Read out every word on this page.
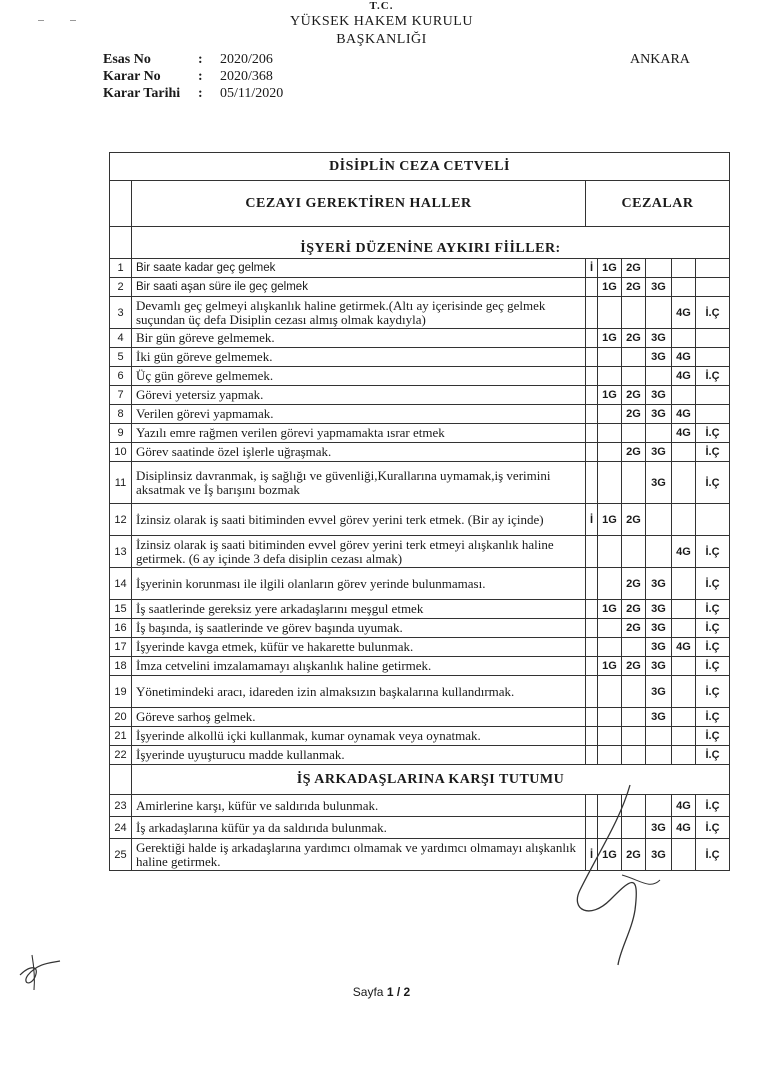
T.C.
YÜKSEK HAKEM KURULU
BAŞKANLIĞI
Esas No	: 2020/206
Karar No	: 2020/368
Karar Tarihi : 05/11/2020
ANKARA
DİSİPLİN CEZA CETVELİ							
	CEZAYI GEREKTİREN HALLER	CEZALAR					
	İŞYERİ DÜZENİNE AYKIRI FİİLLER:						
1	Bir saate kadar geç gelmek	İ	1G	2G			
2	Bir saati aşan süre ile geç gelmek		1G	2G	3G		
3	Devamlı geç gelmeyi alışkanlık haline getirmek.(Altı ay içerisinde geç gelmek suçundan üç defa Disiplin cezası almış olmak kaydıyla)					4G	İ.Ç
4	Bir gün göreve gelmemek.		1G	2G	3G		
5	İki gün göreve gelmemek.				3G	4G	
6	Üç gün göreve gelmemek.					4G	İ.Ç
7	Görevi yetersiz yapmak.		1G	2G	3G		
8	Verilen görevi yapmamak.			2G	3G	4G	
9	Yazılı emre rağmen verilen görevi yapmamakta ısrar etmek					4G	İ.Ç
10	Görev saatinde özel işlerle uğraşmak.			2G	3G		İ.Ç
11	Disiplinsiz davranmak, iş sağlığı ve güvenliği,Kurallarına uymamak,iş verimini aksatmak ve İş barışını bozmak				3G		İ.Ç
12	İzinsiz olarak iş saati bitiminden evvel görev yerini terk etmek. (Bir ay içinde)	İ	1G	2G			
13	İzinsiz olarak iş saati bitiminden evvel görev yerini terk etmeyi alışkanlık haline getirmek. (6 ay içinde 3 defa disiplin cezası almak)					4G	İ.Ç
14	İşyerinin korunması ile ilgili olanların görev yerinde bulunmaması.			2G	3G		İ.Ç
15	İş saatlerinde gereksiz yere arkadaşlarını meşgul etmek		1G	2G	3G		İ.Ç
16	İş başında, iş saatlerinde ve görev başında uyumak.			2G	3G		İ.Ç
17	İşyerinde kavga etmek, küfür ve hakarette bulunmak.				3G	4G	İ.Ç
18	İmza cetvelini imzalamamayı alışkanlık haline getirmek.		1G	2G	3G		İ.Ç
19	Yönetimindeki aracı, idareden izin almaksızın başkalarına kullandırmak.				3G		İ.Ç
20	Göreve sarhoş gelmek.				3G		İ.Ç
21	İşyerinde alkollü içki kullanmak, kumar oynamak veya oynatmak.						İ.Ç
22	İşyerinde uyuşturucu madde kullanmak.						İ.Ç
	İŞ ARKADAŞLARINA KARŞI TUTUMU						
23	Amirlerine karşı, küfür ve saldırıda bulunmak.					4G	İ.Ç
24	İş arkadaşlarına küfür ya da saldırıda bulunmak.				3G	4G	İ.Ç
25	Gerektiği halde iş arkadaşlarına yardımcı olmamak ve yardımcı olmamayı alışkanlık haline getirmek.	İ	1G	2G	3G		İ.Ç
Sayfa 1 / 2
